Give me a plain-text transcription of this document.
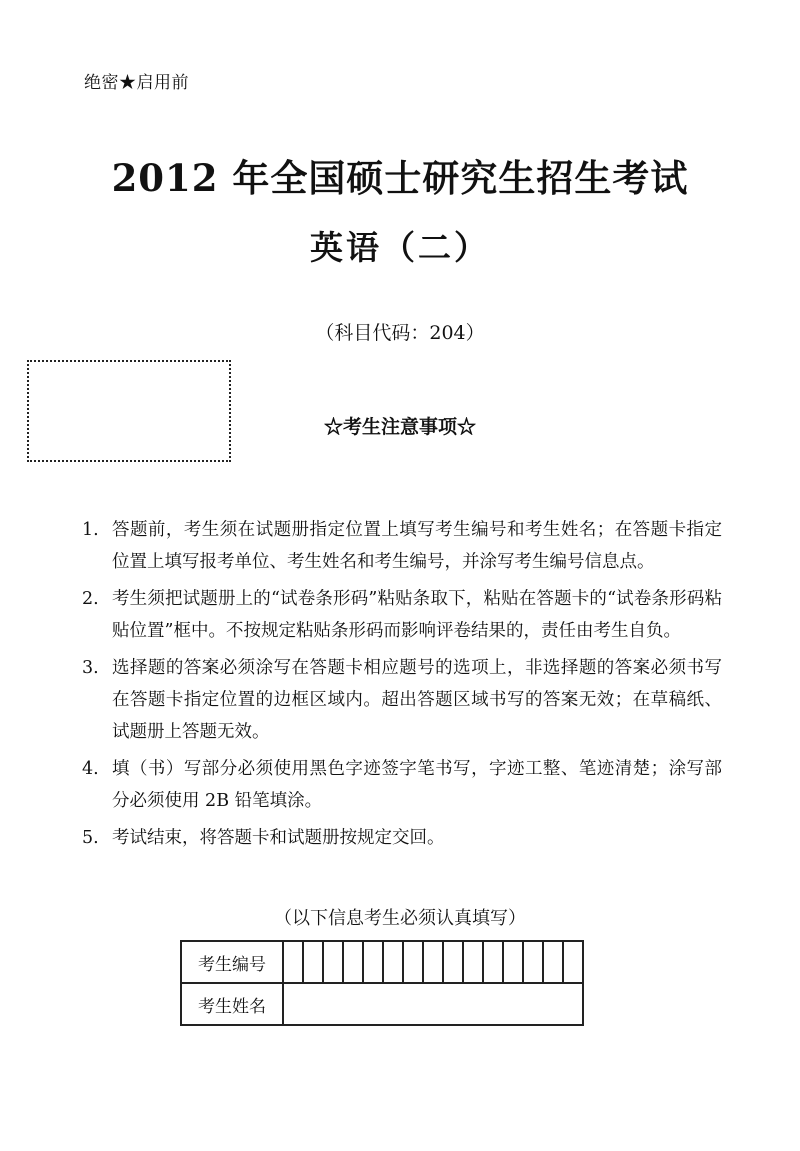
绝密★启用前
2012 年全国硕士研究生招生考试
英语（二）
（科目代码：204）
☆考生注意事项☆
1. 答题前，考生须在试题册指定位置上填写考生编号和考生姓名；在答题卡指定位置上填写报考单位、考生姓名和考生编号，并涂写考生编号信息点。
2. 考生须把试题册上的“试卷条形码”粘贴条取下，粘贴在答题卡的“试卷条形码粘贴位置”框中。不按规定粘贴条形码而影响评卷结果的，责任由考生自负。
3. 选择题的答案必须涂写在答题卡相应题号的选项上，非选择题的答案必须书写在答题卡指定位置的边框区域内。超出答题区域书写的答案无效；在草稿纸、试题册上答题无效。
4. 填（书）写部分必须使用黑色字迹签字笔书写，字迹工整、笔迹清楚；涂写部分必须使用 2B 铅笔填涂。
5. 考试结束，将答题卡和试题册按规定交回。
（以下信息考生必须认真填写）
考生编号															
考生姓名															
